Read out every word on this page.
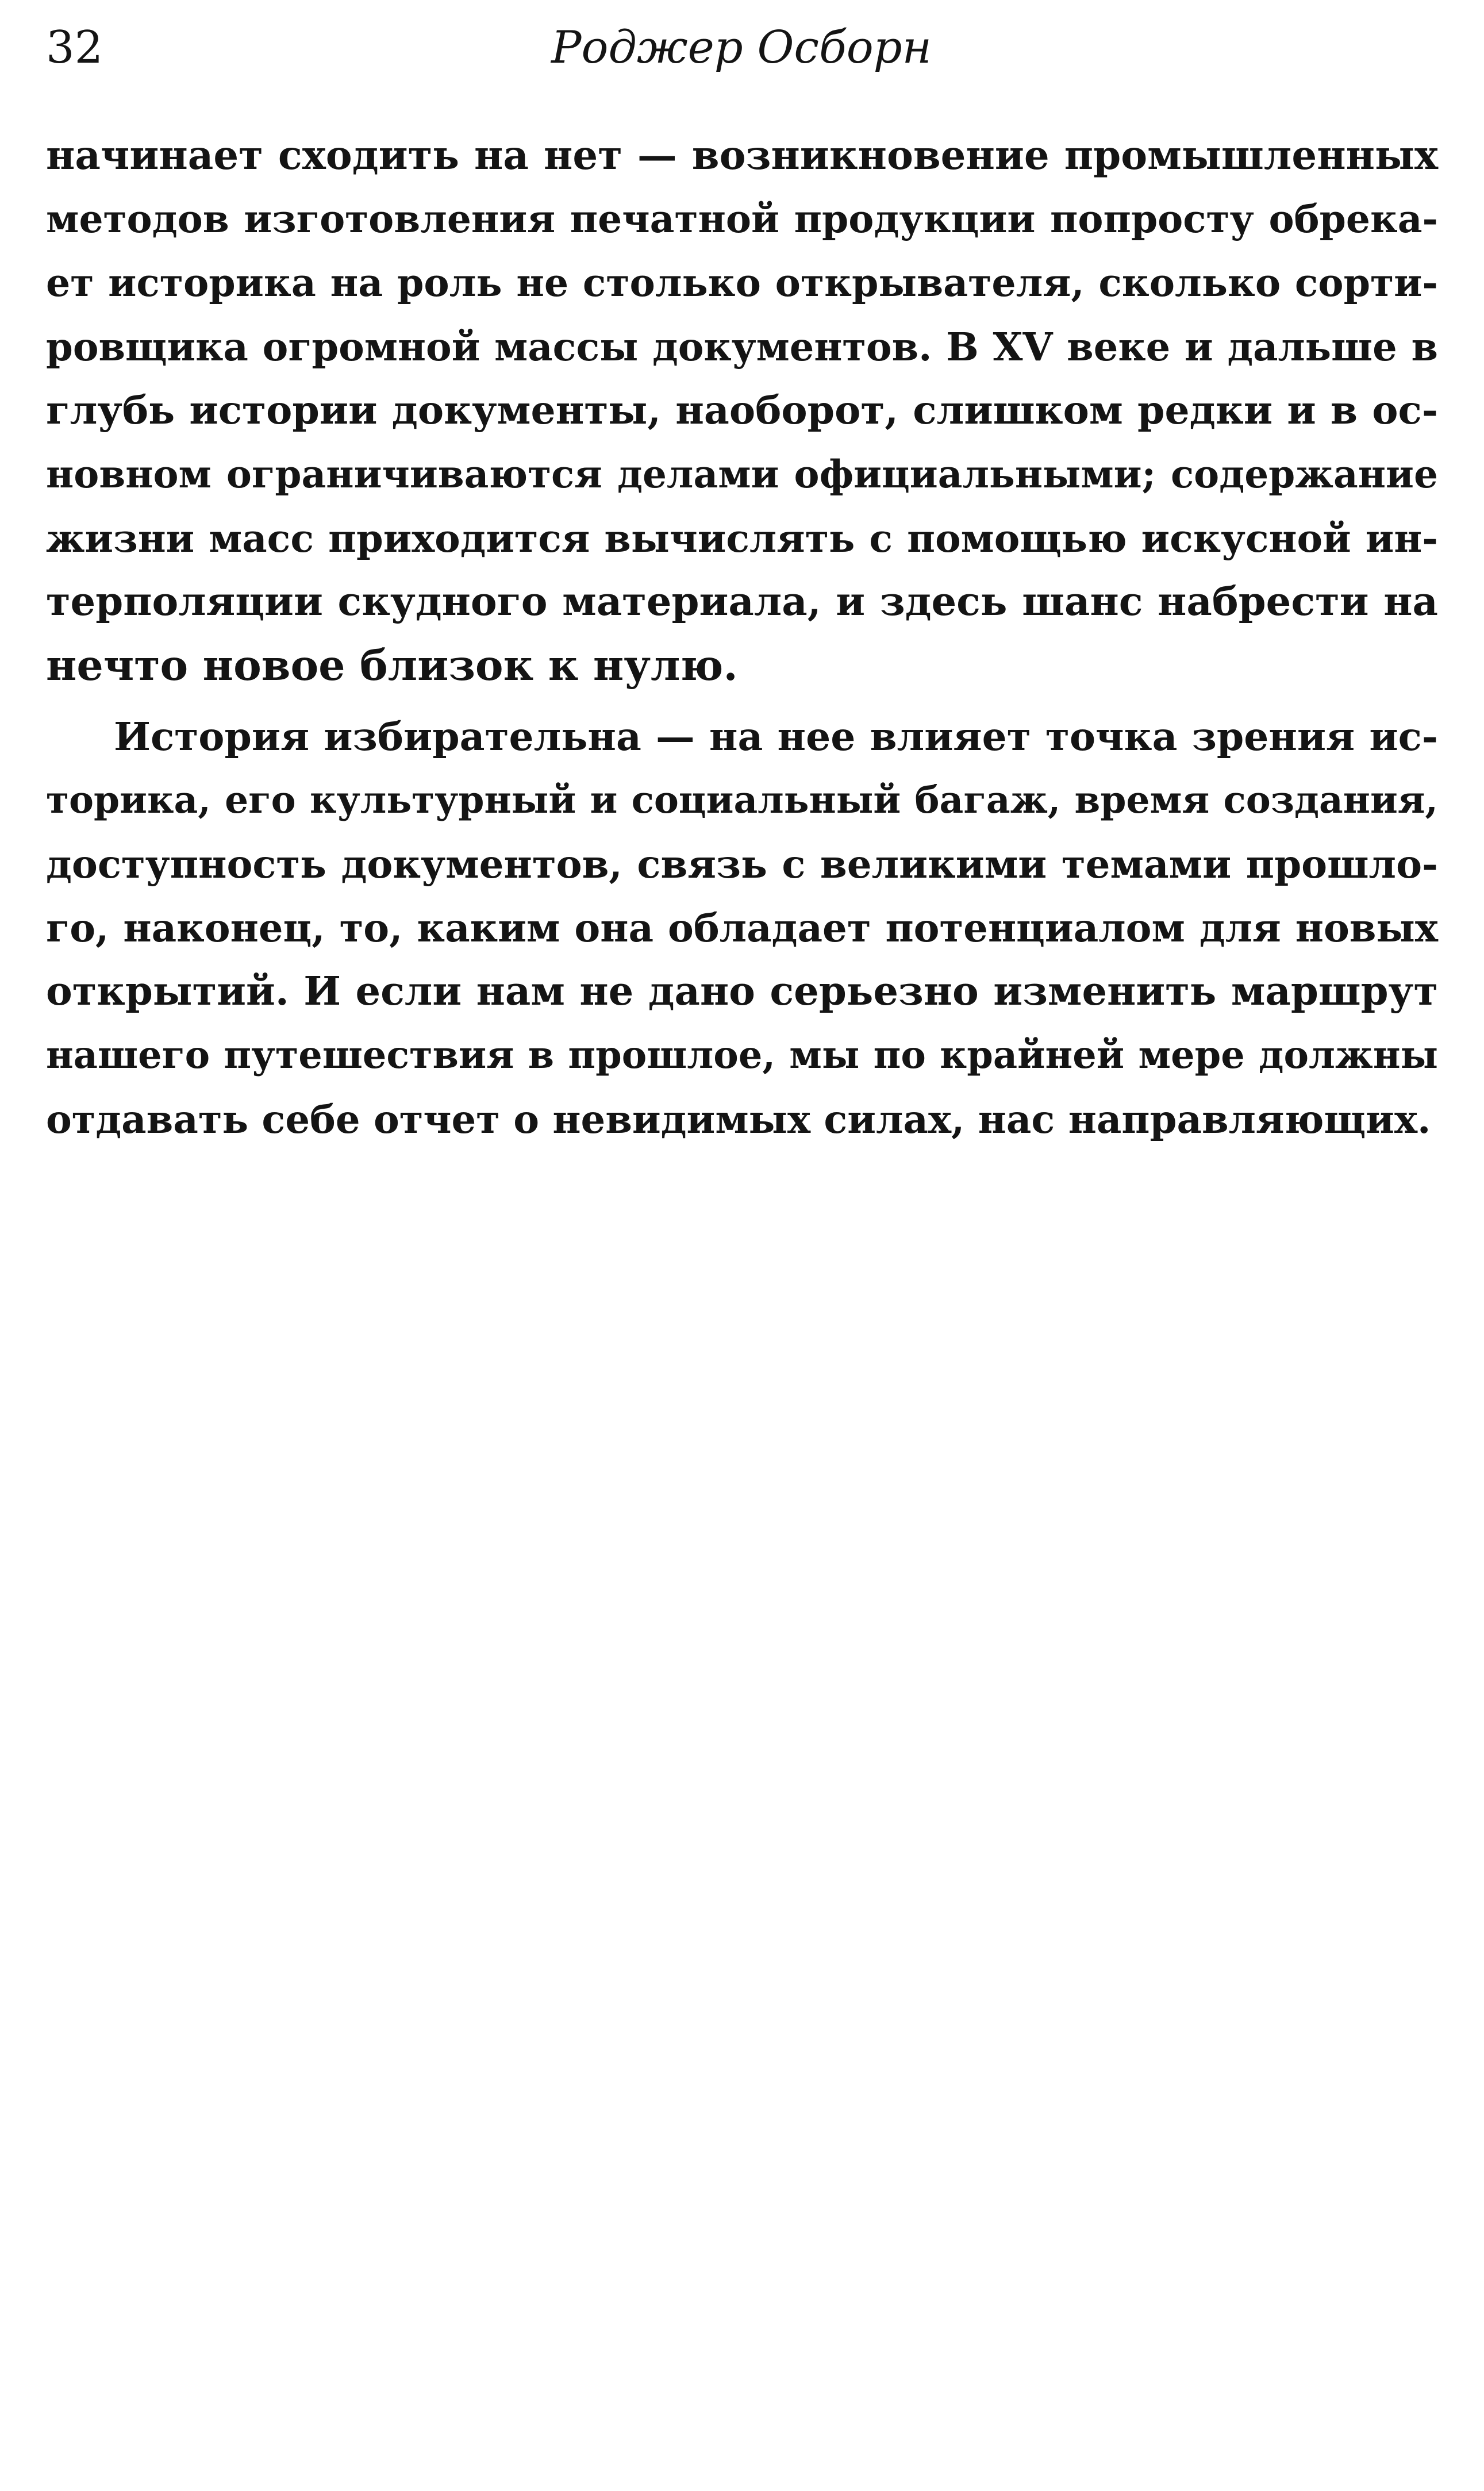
32	Роджер Осборн
начинает сходить на нет — возникновение промышленных
методов изготовления печатной продукции попросту обрека-
ет историка на роль не столько открывателя, сколько сорти-
ровщика огромной массы документов. В XV веке и дальше в
глубь истории документы, наоборот, слишком редки и в ос-
новном ограничиваются делами официальными; содержание
жизни масс приходится вычислять с помощью искусной ин-
терполяции скудного материала, и здесь шанс набрести на
нечто новое близок к нулю.
История избирательна — на нее влияет точка зрения ис-
торика, его культурный и социальный багаж, время создания,
доступность документов, связь с великими темами прошло-
го, наконец, то, каким она обладает потенциалом для новых
открытий. И если нам не дано серьезно изменить маршрут
нашего путешествия в прошлое, мы по крайней мере должны
отдавать себе отчет о невидимых силах, нас направляющих.
